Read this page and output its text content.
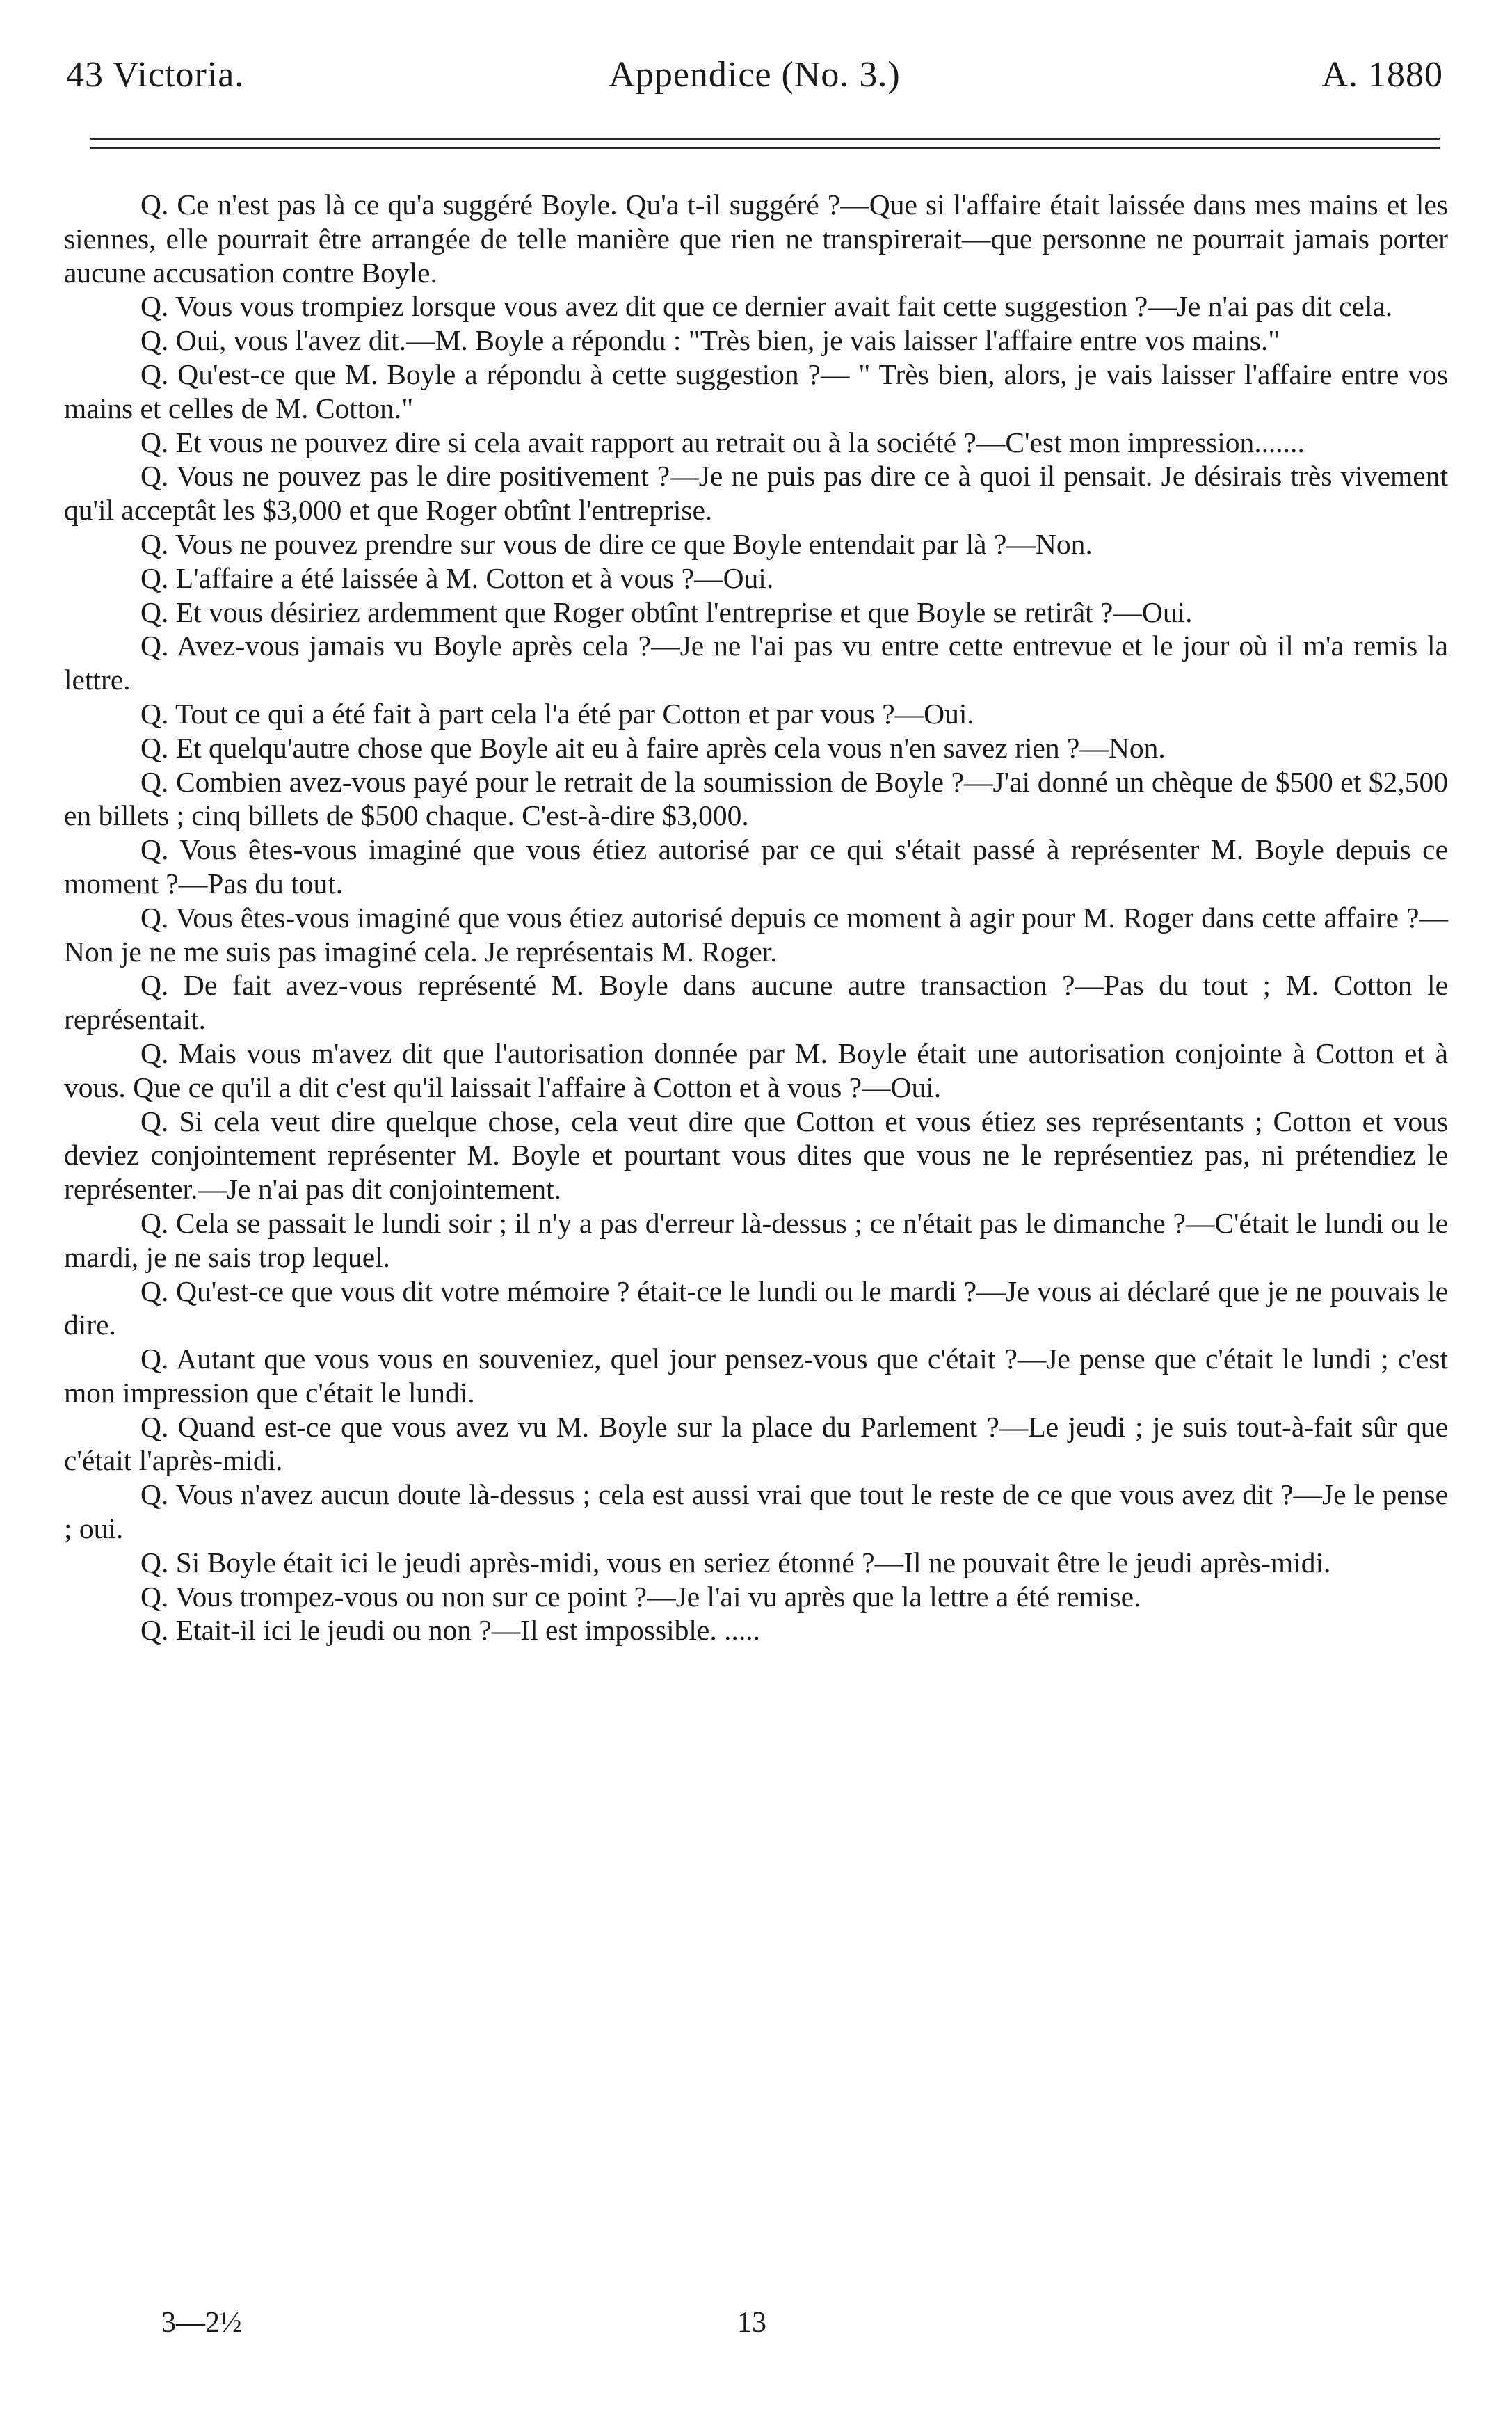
43 Victoria.	Appendice (No. 3.)	A. 1880

Q. Ce n'est pas là ce qu'a suggéré Boyle. Qu'a t-il suggéré ?—Que si l'affaire était laissée dans mes mains et les siennes, elle pourrait être arrangée de telle manière que rien ne transpirerait—que personne ne pourrait jamais porter aucune accusation contre Boyle.

Q. Vous vous trompiez lorsque vous avez dit que ce dernier avait fait cette suggestion ?—Je n'ai pas dit cela.

Q. Oui, vous l'avez dit.—M. Boyle a répondu : "Très bien, je vais laisser l'affaire entre vos mains."

Q. Qu'est-ce que M. Boyle a répondu à cette suggestion ?— " Très bien, alors, je vais laisser l'affaire entre vos mains et celles de M. Cotton."

Q. Et vous ne pouvez dire si cela avait rapport au retrait ou à la société ?—C'est mon impression.......

Q. Vous ne pouvez pas le dire positivement ?—Je ne puis pas dire ce à quoi il pensait. Je désirais très vivement qu'il acceptât les $3,000 et que Roger obtînt l'entreprise.

Q. Vous ne pouvez prendre sur vous de dire ce que Boyle entendait par là ?—Non.

Q. L'affaire a été laissée à M. Cotton et à vous ?—Oui.

Q. Et vous désiriez ardemment que Roger obtînt l'entreprise et que Boyle se retirât ?—Oui.

Q. Avez-vous jamais vu Boyle après cela ?—Je ne l'ai pas vu entre cette entrevue et le jour où il m'a remis la lettre.

Q. Tout ce qui a été fait à part cela l'a été par Cotton et par vous ?—Oui.

Q. Et quelqu'autre chose que Boyle ait eu à faire après cela vous n'en savez rien ?—Non.

Q. Combien avez-vous payé pour le retrait de la soumission de Boyle ?—J'ai donné un chèque de $500 et $2,500 en billets ; cinq billets de $500 chaque. C'est-à-dire $3,000.

Q. Vous êtes-vous imaginé que vous étiez autorisé par ce qui s'était passé à représenter M. Boyle depuis ce moment ?—Pas du tout.

Q. Vous êtes-vous imaginé que vous étiez autorisé depuis ce moment à agir pour M. Roger dans cette affaire ?—Non je ne me suis pas imaginé cela. Je représentais M. Roger.

Q. De fait avez-vous représenté M. Boyle dans aucune autre transaction ?—Pas du tout ; M. Cotton le représentait.

Q. Mais vous m'avez dit que l'autorisation donnée par M. Boyle était une autorisation conjointe à Cotton et à vous. Que ce qu'il a dit c'est qu'il laissait l'affaire à Cotton et à vous ?—Oui.

Q. Si cela veut dire quelque chose, cela veut dire que Cotton et vous étiez ses représentants ; Cotton et vous deviez conjointement représenter M. Boyle et pourtant vous dites que vous ne le représentiez pas, ni prétendiez le représenter.—Je n'ai pas dit conjointement.

Q. Cela se passait le lundi soir ; il n'y a pas d'erreur là-dessus ; ce n'était pas le dimanche ?—C'était le lundi ou le mardi, je ne sais trop lequel.

Q. Qu'est-ce que vous dit votre mémoire ? était-ce le lundi ou le mardi ?—Je vous ai déclaré que je ne pouvais le dire.

Q. Autant que vous vous en souveniez, quel jour pensez-vous que c'était ?—Je pense que c'était le lundi ; c'est mon impression que c'était le lundi.

Q. Quand est-ce que vous avez vu M. Boyle sur la place du Parlement ?—Le jeudi ; je suis tout-à-fait sûr que c'était l'après-midi.

Q. Vous n'avez aucun doute là-dessus ; cela est aussi vrai que tout le reste de ce que vous avez dit ?—Je le pense ; oui.

Q. Si Boyle était ici le jeudi après-midi, vous en seriez étonné ?—Il ne pouvait être le jeudi après-midi.

Q. Vous trompez-vous ou non sur ce point ?—Je l'ai vu après que la lettre a été remise.

Q. Etait-il ici le jeudi ou non ?—Il est impossible. .....

3—2½	13
